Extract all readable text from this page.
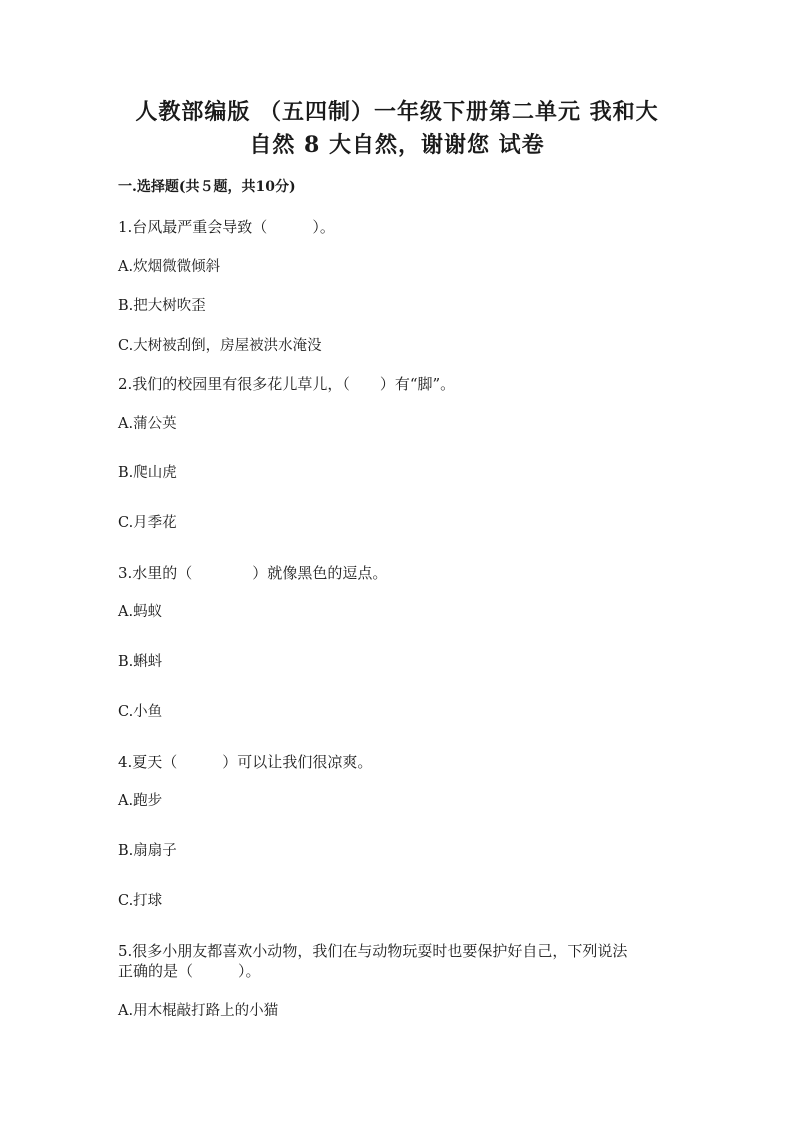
人教部编版 （五四制）一年级下册第二单元 我和大
自然 8 大自然，谢谢您 试卷
一.选择题(共５题，共10分)
1.台风最严重会导致（　　　）。
A.炊烟微微倾斜
B.把大树吹歪
C.大树被刮倒，房屋被洪水淹没
2.我们的校园里有很多花儿草儿，（　　）有“脚”。
A.蒲公英
B.爬山虎
C.月季花
3.水里的（　　　　）就像黑色的逗点。
A.蚂蚁
B.蝌蚪
C.小鱼
4.夏天（　　　）可以让我们很凉爽。
A.跑步
B.扇扇子
C.打球
5.很多小朋友都喜欢小动物，我们在与动物玩耍时也要保护好自己，下列说法
正确的是（　　　）。
A.用木棍敲打路上的小猫
